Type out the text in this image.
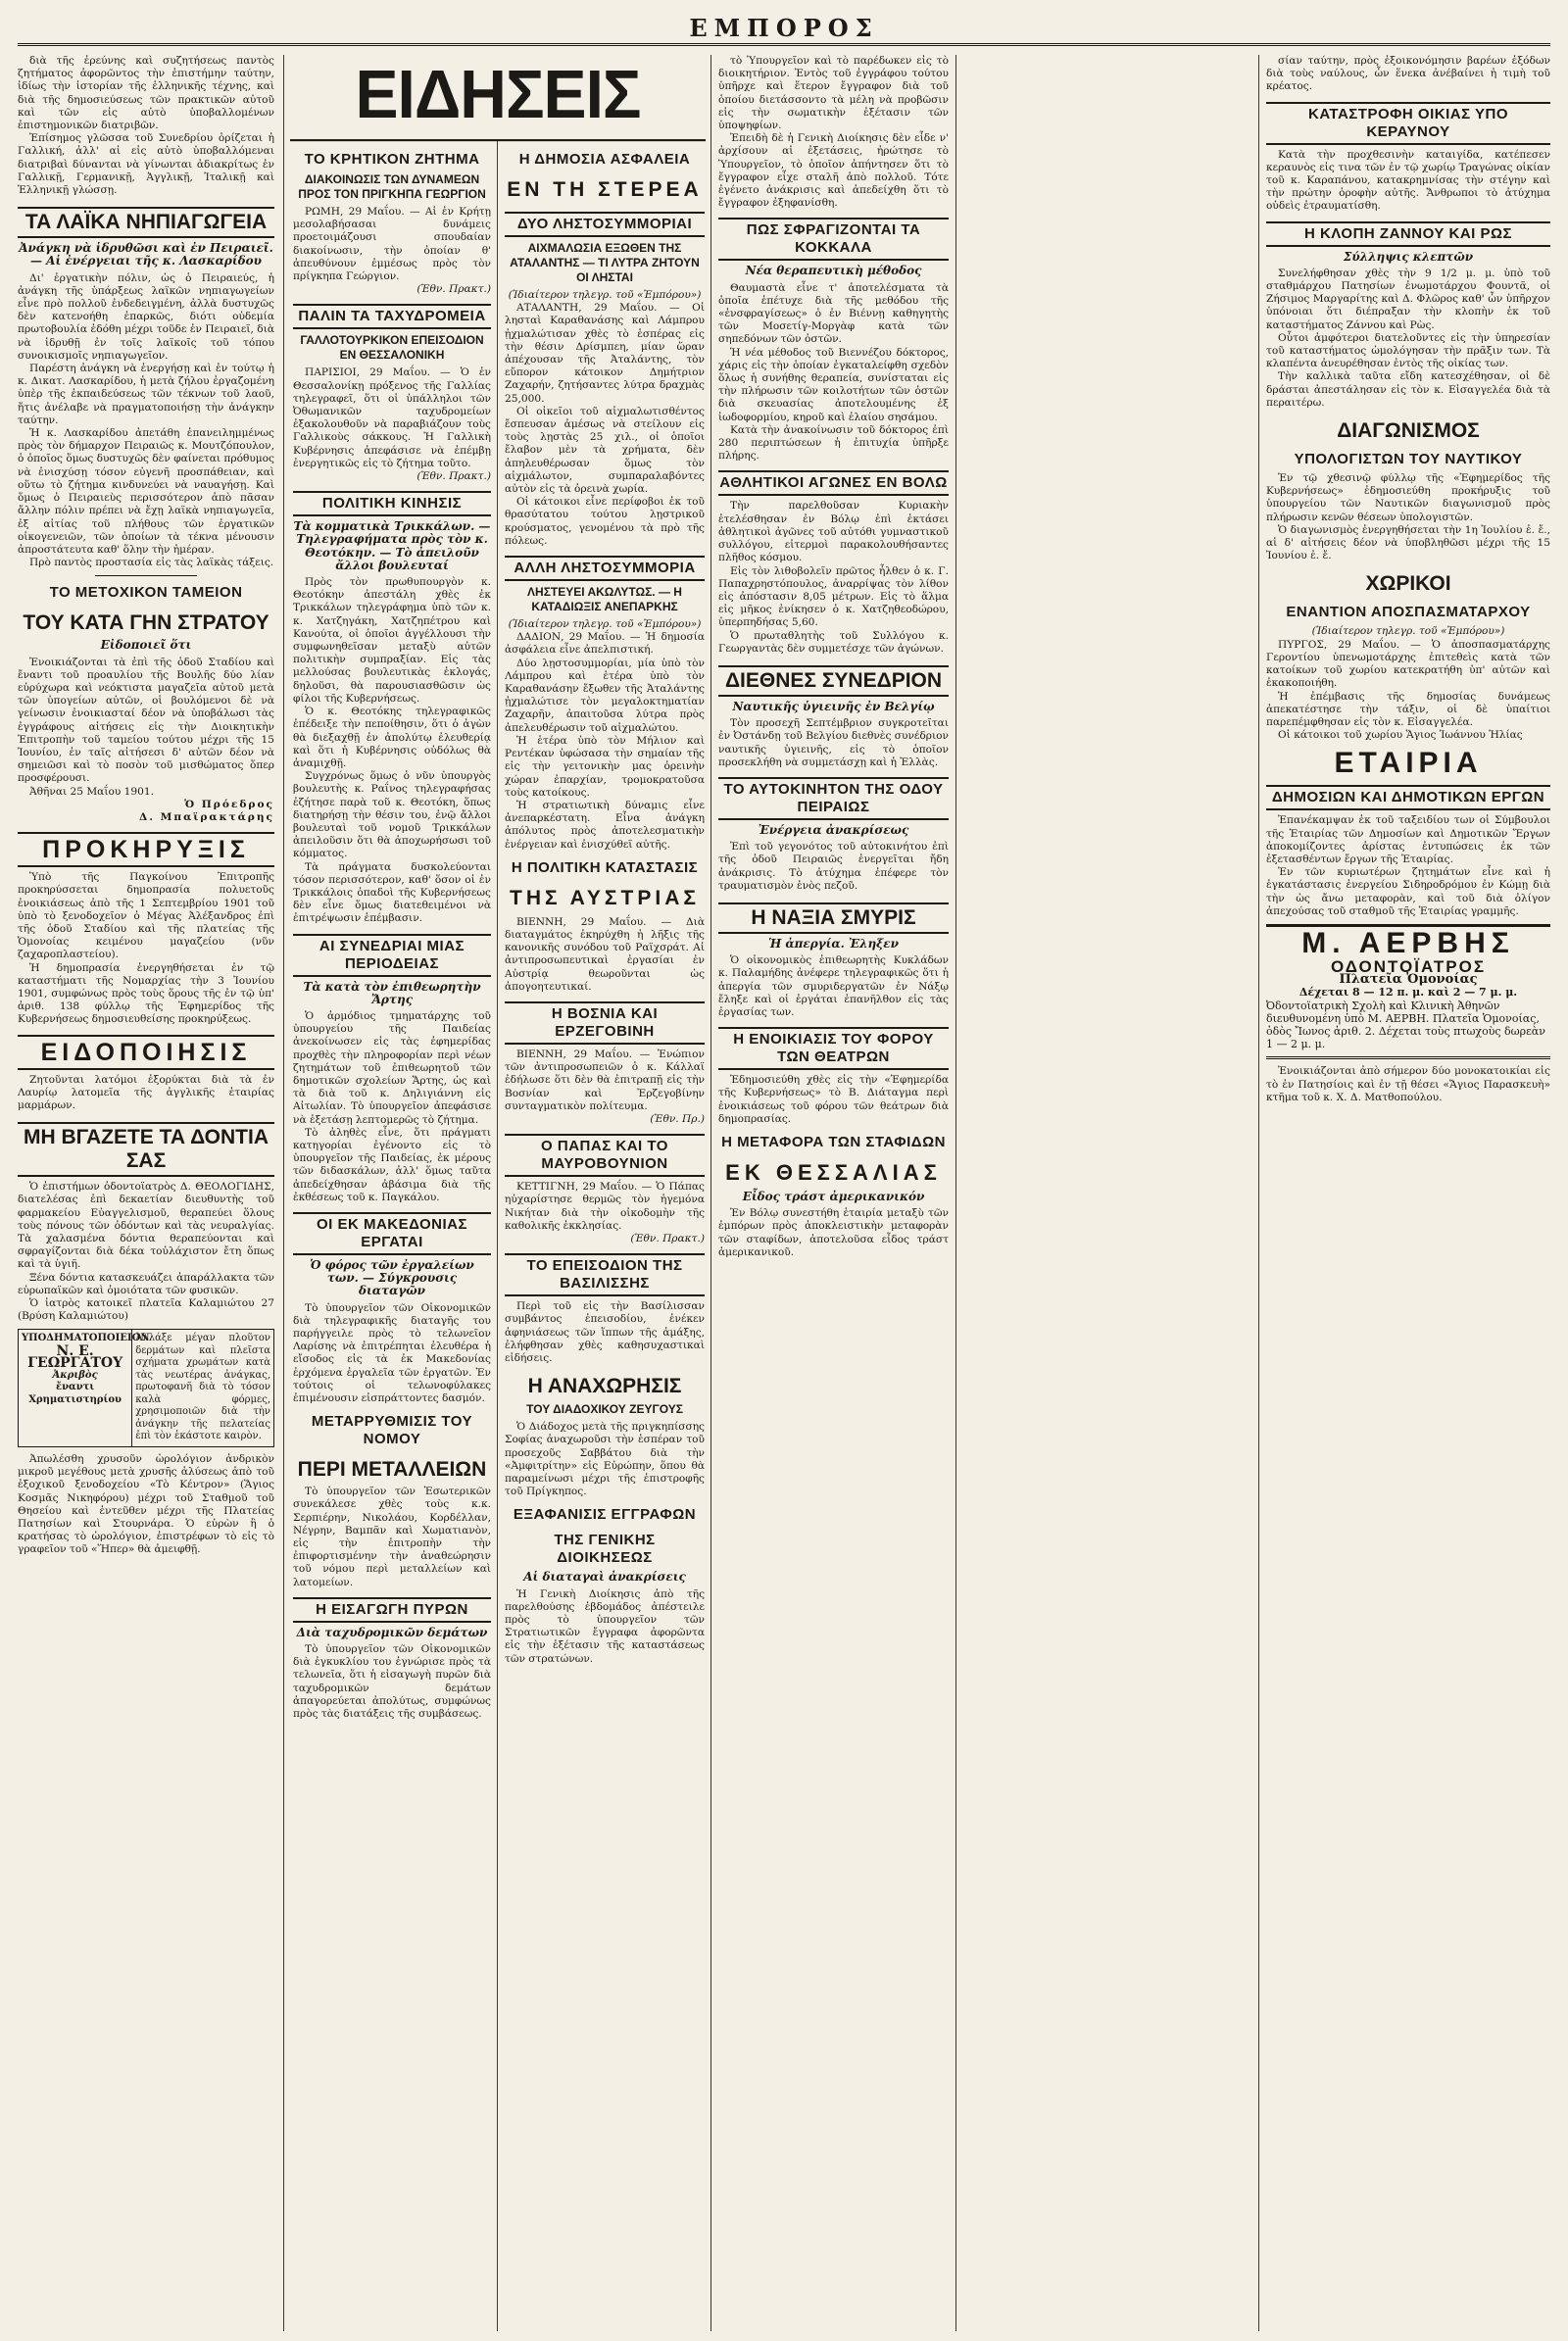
ΕΜΠΟΡΟΣ
ΕΙΔΗΣΕΙΣ

διὰ τῆς ἐρεύνης καὶ συζητήσεως παντὸς ζητήματος ἀφορῶντος τὴν ἐπιστήμην ταύτην, ἰδίως τὴν ἱστορίαν τῆς ἑλληνικῆς τέχνης, καὶ διὰ τῆς δημοσιεύσεως τῶν πρακτικῶν αὐτοῦ καὶ τῶν εἰς αὐτὸ ὑποβαλλομένων ἐπιστημονικῶν διατριβῶν.

Ἐπίσημος γλῶσσα τοῦ Συνεδρίου ὁρίζεται ἡ Γαλλική, ἀλλ' αἱ εἰς αὐτὸ ὑποβαλλόμεναι διατριβαὶ δύνανται νὰ γίνωνται ἀδιακρίτως ἐν Γαλλικῇ, Γερμανικῇ, Ἀγγλικῇ, Ἰταλικῇ καὶ Ἑλληνικῇ γλώσσῃ.

ΤΑ ΛΑΪΚΑ ΝΗΠΙΑΓΩΓΕΙΑ
Ἀνάγκη νὰ ἱδρυθῶσι καὶ ἐν Πειραιεῖ. — Αἱ ἐνέργειαι τῆς κ. Λασκαρίδου

Δι' ἐργατικὴν πόλιν, ὡς ὁ Πειραιεύς, ἡ ἀνάγκη τῆς ὑπάρξεως λαϊκῶν νηπιαγωγείων εἶνε πρὸ πολλοῦ ἐνδεδειγμένη, ἀλλὰ δυστυχῶς δὲν κατενοήθη ἐπαρκῶς, διότι οὐδεμία πρωτοβουλία ἐδόθη μέχρι τοῦδε ἐν Πειραιεῖ, διὰ νὰ ἱδρυθῇ ἐν τοῖς λαϊκοῖς τοῦ τόπου συνοικισμοῖς νηπιαγωγεῖον.

Παρέστη ἀνάγκη νὰ ἐνεργήσῃ καὶ ἐν τούτῳ ἡ κ. Δικατ. Λασκαρίδου, ἡ μετὰ ζήλου ἐργαζομένη ὑπὲρ τῆς ἐκπαιδεύσεως τῶν τέκνων τοῦ λαοῦ, ἥτις ἀνέλαβε νὰ πραγματοποιήσῃ τὴν ἀνάγκην ταύτην.

Ἡ κ. Λασκαρίδου ἀπετάθη ἐπανειλημμένως πρὸς τὸν δήμαρχον Πειραιῶς κ. Μουτζόπουλον, ὁ ὁποῖος ὅμως δυστυχῶς δὲν φαίνεται πρόθυμος νὰ ἐνισχύσῃ τόσον εὐγενῆ προσπάθειαν, καὶ οὕτω τὸ ζήτημα κινδυνεύει νὰ ναυαγήσῃ. Καὶ ὅμως ὁ Πειραιεὺς περισσότερον ἀπὸ πᾶσαν ἄλλην πόλιν πρέπει νὰ ἔχῃ λαϊκὰ νηπιαγωγεῖα, ἐξ αἰτίας τοῦ πλήθους τῶν ἐργατικῶν οἰκογενειῶν, τῶν ὁποίων τὰ τέκνα μένουσιν ἀπροστάτευτα καθ' ὅλην τὴν ἡμέραν.

Πρὸ παντὸς προστασία εἰς τὰς λαϊκὰς τάξεις.

ΤΟ ΜΕΤΟΧΙΚΟΝ ΤΑΜΕΙΟΝ
ΤΟΥ ΚΑΤΑ ΓΗΝ ΣΤΡΑΤΟΥ
Εἰδοποιεῖ ὅτι

Ἐνοικιάζονται τὰ ἐπὶ τῆς ὁδοῦ Σταδίου καὶ ἔναντι τοῦ προαυλίου τῆς Βουλῆς δύο λίαν εὐρύχωρα καὶ νεόκτιστα μαγαζεῖα αὐτοῦ μετὰ τῶν ὑπογείων αὐτῶν, οἱ βουλόμενοι δὲ νὰ γείνωσιν ἐνοικιασταί δέον νὰ ὑποβάλωσι τὰς ἐγγράφους αἰτήσεις εἰς τὴν Διοικητικὴν Ἐπιτροπὴν τοῦ ταμείου τούτου μέχρι τῆς 15 Ἰουνίου, ἐν ταῖς αἰτήσεσι δ' αὐτῶν δέον νὰ σημειῶσι καὶ τὸ ποσὸν τοῦ μισθώματος ὅπερ προσφέρουσι.

Ἀθῆναι 25 Μαΐου 1901.

Ὁ Πρόεδρος
Δ. Μπαϊρακτάρης
ΠΡΟΚΗΡΥΞΙΣ

Ὑπὸ τῆς Παγκοίνου Ἐπιτροπῆς προκηρύσσεται δημοπρασία πολυετοῦς ἐνοικιάσεως ἀπὸ τῆς 1 Σεπτεμβρίου 1901 τοῦ ὑπὸ τὸ ξενοδοχεῖον ὁ Μέγας Ἀλέξανδρος ἐπὶ τῆς ὁδοῦ Σταδίου καὶ τῆς πλατείας τῆς Ὁμονοίας κειμένου μαγαζείου (νῦν ζαχαροπλαστείου).

Ἡ δημοπρασία ἐνεργηθήσεται ἐν τῷ καταστήματι τῆς Νομαρχίας τὴν 3 Ἰουνίου 1901, συμφώνως πρὸς τοὺς ὅρους τῆς ἐν τῷ ὑπ' ἀριθ. 138 φύλλῳ τῆς Ἐφημερίδος τῆς Κυβερνήσεως δημοσιευθείσης προκηρύξεως.

ΕΙΔΟΠΟΙΗΣΙΣ

Ζητοῦνται λατόμοι ἐξορύκται διὰ τὰ ἐν Λαυρίῳ λατομεῖα τῆς ἀγγλικῆς ἑταιρίας μαρμάρων.

ΜΗ ΒΓΑΖΕΤΕ ΤΑ ΔΟΝΤΙΑ ΣΑΣ

Ὁ ἐπιστήμων ὀδοντοϊατρὸς Δ. ΘΕΟΛΟΓΙΔΗΣ, διατελέσας ἐπὶ δεκαετίαν διευθυντὴς τοῦ φαρμακείου Εὐαγγελισμοῦ, θεραπεύει ὅλους τοὺς πόνους τῶν ὀδόντων καὶ τὰς νευραλγίας. Τὰ χαλασμένα δόντια θεραπεύονται καὶ σφραγίζονται διὰ δέκα τοὐλάχιστον ἔτη ὅπως καὶ τὰ ὑγιῆ.

Ξένα δόντια κατασκευάζει ἀπαράλλακτα τῶν εὐρωπαϊκῶν καὶ ὁμοιότατα τῶν φυσικῶν.

Ὁ ἰατρὸς κατοικεῖ πλατεῖα Καλαμιώτου 27 (Βρύση Καλαμιώτου)

ΥΠΟΔΗΜΑΤΟΠΟΙΕΙΟΝ
Ν. Ε. ΓΕΩΡΓΑΤΟΥ
Ἀκριβὸς
ἔναντι Χρηματιστηρίου
Ἀλλάξε μέγαν πλοῦτον δερμάτων καὶ πλεῖστα σχήματα χρωμάτων κατὰ τὰς νεωτέρας ἀνάγκας, πρωτοφανῆ διὰ τὸ τόσον καλὰ φόρμες, χρησιμοποιῶν διὰ τὴν ἀνάγκην τῆς πελατείας ἐπὶ τὸν ἑκάστοτε καιρὸν.

Ἀπωλέσθη χρυσοῦν ὡρολόγιον ἀνδρικὸν μικροῦ μεγέθους μετὰ χρυσῆς ἁλύσεως ἀπὸ τοῦ ἐξοχικοῦ ξενοδοχείου «Τὸ Κέντρον» (Ἅγιος Κοσμᾶς Νικηφόρου) μέχρι τοῦ Σταθμοῦ τοῦ Θησείου καὶ ἐντεῦθεν μέχρι τῆς Πλατείας Πατησίων καὶ Στουρνάρα. Ὁ εὑρὼν ἢ ὁ κρατήσας τὸ ὡρολόγιον, ἐπιστρέφων τὸ εἰς τὸ γραφεῖον τοῦ «Ἥπερ» θὰ ἀμειφθῇ.

ΤΟ ΚΡΗΤΙΚΟΝ ΖΗΤΗΜΑ
ΔΙΑΚΟΙΝΩΣΙΣ ΤΩΝ ΔΥΝΑΜΕΩΝ ΠΡΟΣ ΤΟΝ ΠΡΙΓΚΗΠΑ ΓΕΩΡΓΙΟΝ

ΡΩΜΗ, 29 Μαΐου. — Αἱ ἐν Κρήτῃ μεσολαβήσασαι δυνάμεις προετοιμάζουσι σπουδαίαν διακοίνωσιν, τὴν ὁποίαν θ' ἀπευθύνουν ἐμμέσως πρὸς τὸν πρίγκηπα Γεώργιον.

(Ἐθν. Πρακτ.)
ΠΑΛΙΝ ΤΑ ΤΑΧΥΔΡΟΜΕΙΑ
ΓΑΛΛΟΤΟΥΡΚΙΚΟΝ ΕΠΕΙΣΟΔΙΟΝ ΕΝ ΘΕΣΣΑΛΟΝΙΚΗ

ΠΑΡΙΣΙΟΙ, 29 Μαΐου. — Ὁ ἐν Θεσσαλονίκῃ πρόξενος τῆς Γαλλίας τηλεγραφεῖ, ὅτι οἱ ὑπάλληλοι τῶν Ὀθωμανικῶν ταχυδρομείων ἐξακολουθοῦν νὰ παραβιάζουν τοὺς Γαλλικοὺς σάκκους. Ἡ Γαλλικὴ Κυβέρνησις ἀπεφάσισε νὰ ἐπέμβῃ ἐνεργητικῶς εἰς τὸ ζήτημα τοῦτο.

(Ἐθν. Πρακτ.)
ΠΟΛΙΤΙΚΗ ΚΙΝΗΣΙΣ
Τὰ κομματικὰ Τρικκάλων. — Τηλεγραφήματα πρὸς τὸν κ. Θεοτόκην. — Τὸ ἀπειλοῦν ἄλλοι βουλευταί

Πρὸς τὸν πρωθυπουργὸν κ. Θεοτόκην ἀπεστάλη χθὲς ἐκ Τρικκάλων τηλεγράφημα ὑπὸ τῶν κ. κ. Χατζηγάκη, Χατζηπέτρου καὶ Κανούτα, οἱ ὁποῖοι ἀγγέλλουσι τὴν συμφωνηθεῖσαν μεταξὺ αὐτῶν πολιτικὴν συμπραξίαν. Εἰς τὰς μελλούσας βουλευτικὰς ἐκλογάς, δηλοῦσι, θὰ παρουσιασθῶσιν ὡς φίλοι τῆς Κυβερνήσεως.

Ὁ κ. Θεοτόκης τηλεγραφικῶς ἐπέδειξε τὴν πεποίθησιν, ὅτι ὁ ἀγὼν θὰ διεξαχθῇ ἐν ἀπολύτῳ ἐλευθερίᾳ καὶ ὅτι ἡ Κυβέρνησις οὐδόλως θὰ ἀναμιχθῇ.

Συγχρόνως ὅμως ὁ νῦν ὑπουργὸς βουλευτὴς κ. Ραΐνος τηλεγραφήσας ἐζήτησε παρὰ τοῦ κ. Θεοτόκη, ὅπως διατηρήσῃ τὴν θέσιν του, ἐνῷ ἄλλοι βουλευταὶ τοῦ νομοῦ Τρικκάλων ἀπειλοῦσιν ὅτι θὰ ἀποχωρήσωσι τοῦ κόμματος.

Τὰ πράγματα δυσκολεύονται τόσον περισσότερον, καθ' ὅσον οἱ ἐν Τρικκάλοις ὀπαδοὶ τῆς Κυβερνήσεως δὲν εἶνε ὅμως διατεθειμένοι νὰ ἐπιτρέψωσιν ἐπέμβασιν.

ΑΙ ΣΥΝΕΔΡΙΑΙ ΜΙΑΣ ΠΕΡΙΟΔΕΙΑΣ
Τὰ κατὰ τὸν ἐπιθεωρητὴν Ἄρτης

Ὁ ἁρμόδιος τμηματάρχης τοῦ ὑπουργείου τῆς Παιδείας ἀνεκοίνωσεν εἰς τὰς ἐφημερίδας προχθὲς τὴν πληροφορίαν περὶ νέων ζητημάτων τοῦ ἐπιθεωρητοῦ τῶν δημοτικῶν σχολείων Ἄρτης, ὡς καὶ τὰ διὰ τοῦ κ. Δηλιγιάννη εἰς Αἰτωλίαν. Τὸ ὑπουργεῖον ἀπεφάσισε νὰ ἐξετάσῃ λεπτομερῶς τὸ ζήτημα.

Τὸ ἀληθὲς εἶνε, ὅτι πράγματι κατηγορίαι ἐγένοντο εἰς τὸ ὑπουργεῖον τῆς Παιδείας, ἐκ μέρους τῶν διδασκάλων, ἀλλ' ὅμως ταῦτα ἀπεδείχθησαν ἀβάσιμα διὰ τῆς ἐκθέσεως τοῦ κ. Παγκάλου.

ΟΙ ΕΚ ΜΑΚΕΔΟΝΙΑΣ ΕΡΓΑΤΑΙ
Ὁ φόρος τῶν ἐργαλείων των. — Σύγκρουσις διαταγῶν

Τὸ ὑπουργεῖον τῶν Οἰκονομικῶν διὰ τηλεγραφικῆς διαταγῆς του παρήγγειλε πρὸς τὸ τελωνεῖον Λαρίσης νὰ ἐπιτρέπηται ἐλευθέρα ἡ εἴσοδος εἰς τὰ ἐκ Μακεδονίας ἐρχόμενα ἐργαλεῖα τῶν ἐργατῶν. Ἐν τούτοις οἱ τελωνοφύλακες ἐπιμένουσιν εἰσπράττοντες δασμόν.

ΜΕΤΑΡΡΥΘΜΙΣΙΣ ΤΟΥ ΝΟΜΟΥ
ΠΕΡΙ ΜΕΤΑΛΛΕΙΩΝ

Τὸ ὑπουργεῖον τῶν Ἐσωτερικῶν συνεκάλεσε χθὲς τοὺς κ.κ. Σερπιέρην, Νικολάου, Κορδέλλαν, Νέγρην, Βαμπᾶν καὶ Χωματιανὸν, εἰς τὴν ἐπιτροπὴν τὴν ἐπιφορτισμένην τὴν ἀναθεώρησιν τοῦ νόμου περὶ μεταλλείων καὶ λατομείων.

Η ΕΙΣΑΓΩΓΗ ΠΥΡΩΝ
Διὰ ταχυδρομικῶν δεμάτων

Τὸ ὑπουργεῖον τῶν Οἰκονομικῶν διὰ ἐγκυκλίου του ἐγνώρισε πρὸς τὰ τελωνεῖα, ὅτι ἡ εἰσαγωγὴ πυρῶν διὰ ταχυδρομικῶν δεμάτων ἀπαγορεύεται ἀπολύτως, συμφώνως πρὸς τὰς διατάξεις τῆς συμβάσεως.

Η ΔΗΜΟΣΙΑ ΑΣΦΑΛΕΙΑ
ΕΝ ΤΗ ΣΤΕΡΕΑ
ΔΥΟ ΛΗΣΤΟΣΥΜΜΟΡΙΑΙ
ΑΙΧΜΑΛΩΣΙΑ ΕΞΩΘΕΝ ΤΗΣ ΑΤΑΛΑΝΤΗΣ — ΤΙ ΛΥΤΡΑ ΖΗΤΟΥΝ ΟΙ ΛΗΣΤΑΙ
(Ἰδιαίτερον τηλεγρ. τοῦ «Ἐμπόρου»)

ΑΤΑΛΑΝΤΗ, 29 Μαΐου. — Οἱ λησταὶ Καραθανάσης καὶ Λάμπρου ᾐχμαλώτισαν χθὲς τὸ ἑσπέρας εἰς τὴν θέσιν Δρίσμπεη, μίαν ὥραν ἀπέχουσαν τῆς Ἀταλάντης, τὸν εὔπορον κάτοικον Δημήτριον Ζαχαρήν, ζητήσαντες λύτρα δραχμὰς 25,000.

Οἱ οἰκεῖοι τοῦ αἰχμαλωτισθέντος ἔσπευσαν ἀμέσως νὰ στείλουν εἰς τοὺς λῃστὰς 25 χιλ., οἱ ὁποῖοι ἔλαβον μὲν τὰ χρήματα, δὲν ἀπηλευθέρωσαν ὅμως τὸν αἰχμάλωτον, συμπαραλαβόντες αὐτὸν εἰς τὰ ὀρεινὰ χωρία.

Οἱ κάτοικοι εἶνε περίφοβοι ἐκ τοῦ θρασύτατου τούτου λῃστρικοῦ κρούσματος, γενομένου τὰ πρὸ τῆς πόλεως.

ΑΛΛΗ ΛΗΣΤΟΣΥΜΜΟΡΙΑ
ΛΗΣΤΕΥΕΙ ΑΚΩΛΥΤΩΣ. — Η ΚΑΤΑΔΙΩΞΙΣ ΑΝΕΠΑΡΚΗΣ
(Ἰδιαίτερον τηλεγρ. τοῦ «Ἐμπόρου»)

ΔΑΔΙΟΝ, 29 Μαΐου. — Ἡ δημοσία ἀσφάλεια εἶνε ἀπελπιστική.

Δύο λῃστοσυμμορίαι, μία ὑπὸ τὸν Λάμπρου καὶ ἑτέρα ὑπὸ τὸν Καραθανάσην ἔξωθεν τῆς Ἀταλάντης ᾐχμαλώτισε τὸν μεγαλοκτηματίαν Ζαχαρῆν, ἀπαιτοῦσα λύτρα πρὸς ἀπελευθέρωσιν τοῦ αἰχμαλώτου.

Ἡ ἑτέρα ὑπὸ τὸν Μήλιον καὶ Ρεντέκαν ὑφώσασα τὴν σημαίαν τῆς εἰς τὴν γειτονικὴν μας ὀρεινὴν χώραν ἐπαρχίαν, τρομοκρατοῦσα τοὺς κατοίκους.

Ἡ στρατιωτικὴ δύναμις εἶνε ἀνεπαρκέστατη. Εἶνα ἀνάγκη ἀπόλυτος πρὸς ἀποτελεσματικὴν ἐνέργειαν καὶ ἐνισχύθεῖ αὐτῆς.

Η ΠΟΛΙΤΙΚΗ ΚΑΤΑΣΤΑΣΙΣ
ΤΗΣ ΑΥΣΤΡΙΑΣ

ΒΙΕΝΝΗ, 29 Μαΐου. — Διὰ διαταγμάτος ἐκηρύχθη ἡ λῆξις τῆς κανονικῆς συνόδου τοῦ Ραϊχσράτ. Αἱ ἀντιπροσωπευτικαὶ ἐργασίαι ἐν Αὐστρίᾳ θεωροῦνται ὡς ἀπογοητευτικαί.

Η ΒΟΣΝΙΑ ΚΑΙ ΕΡΖΕΓΟΒΙΝΗ

ΒΙΕΝΝΗ, 29 Μαΐου. — Ἐνώπιον τῶν ἀντιπροσωπειῶν ὁ κ. Κάλλαϊ ἐδήλωσε ὅτι δὲν θὰ ἐπιτραπῇ εἰς τὴν Βοσνίαν καὶ Ἐρζεγοβίνην συνταγματικὸν πολίτευμα.

(Ἐθν. Πρ.)
Ο ΠΑΠΑΣ ΚΑΙ ΤΟ ΜΑΥΡΟΒΟΥΝΙΟΝ

ΚΕΤΤΙΓΝΗ, 29 Μαΐου. — Ὁ Πάπας ηὐχαρίστησε θερμῶς τὸν ἡγεμόνα Νικήταν διὰ τὴν οἰκοδομὴν τῆς καθολικῆς ἐκκλησίας.

(Ἐθν. Πρακτ.)
ΤΟ ΕΠΕΙΣΟΔΙΟΝ ΤΗΣ ΒΑΣΙΛΙΣΣΗΣ

Περὶ τοῦ εἰς τὴν Βασίλισσαν συμβάντος ἐπεισοδίου, ἐνέκεν ἀφηνιάσεως τῶν ἵππων τῆς ἁμάξης, ἐλήφθησαν χθὲς καθησυχαστικαὶ εἰδήσεις.

Η ΑΝΑΧΩΡΗΣΙΣ
ΤΟΥ ΔΙΑΔΟΧΙΚΟΥ ΖΕΥΓΟΥΣ

Ὁ Διάδοχος μετὰ τῆς πριγκηπίσσης Σοφίας ἀναχωροῦσι τὴν ἑσπέραν τοῦ προσεχοῦς Σαββάτου διὰ τὴν «Ἀμφιτρίτην» εἰς Εὐρώπην, ὅπου θὰ παραμείνωσι μέχρι τῆς ἐπιστροφῆς τοῦ Πρίγκηπος.

ΕΞΑΦΑΝΙΣΙΣ ΕΓΓΡΑΦΩΝ
ΤΗΣ ΓΕΝΙΚΗΣ ΔΙΟΙΚΗΣΕΩΣ
Αἱ διαταγαὶ ἀνακρίσεις

Ἡ Γενικὴ Διοίκησις ἀπὸ τῆς παρελθούσης ἑβδομάδος ἀπέστειλε πρὸς τὸ ὑπουργεῖον τῶν Στρατιωτικῶν ἔγγραφα ἀφορῶντα εἰς τὴν ἐξέτασιν τῆς καταστάσεως τῶν στρατώνων.

τὸ Ὑπουργεῖον καὶ τὸ παρέδωκεν εἰς τὸ διοικητήριον. Ἐντὸς τοῦ ἐγγράφου τούτου ὑπῆρχε καὶ ἕτερον ἔγγραφον διὰ τοῦ ὁποίου διετάσσοντο τὰ μέλη νὰ προβῶσιν εἰς τὴν σωματικὴν ἐξέτασιν τῶν ὑποψηφίων.

Ἐπειδὴ δὲ ἡ Γενικὴ Διοίκησις δὲν εἶδε ν' ἀρχίσουν αἱ ἐξετάσεις, ἠρώτησε τὸ Ὑπουργεῖον, τὸ ὁποῖον ἀπήντησεν ὅτι τὸ ἔγγραφον εἶχε σταλῆ ἀπὸ πολλοῦ. Τότε ἐγένετο ἀνάκρισις καὶ ἀπεδείχθη ὅτι τὸ ἔγγραφον ἐξηφανίσθη.

ΠΩΣ ΣΦΡΑΓΙΖΟΝΤΑΙ ΤΑ ΚΟΚΚΑΛΑ
Νέα θεραπευτικὴ μέθοδος

Θαυμαστὰ εἶνε τ' ἀποτελέσματα τὰ ὁποῖα ἐπέτυχε διὰ τῆς μεθόδου τῆς «ἐνσφραγίσεως» ὁ ἐν Βιέννῃ καθηγητὴς τῶν Μοσετίγ-Μοργὰφ κατὰ τῶν σηπεδόνων τῶν ὀστῶν.

Ἡ νέα μέθοδος τοῦ Βιεννέζου δόκτορος, χάρις εἰς τὴν ὁποίαν ἐγκαταλείφθη σχεδὸν ὅλως ἡ συνήθης θεραπεία, συνίσταται εἰς τὴν πλήρωσιν τῶν κοιλοτήτων τῶν ὀστῶν διὰ σκευασίας ἀποτελουμένης ἐξ ἰωδοφορμίου, κηροῦ καὶ ἐλαίου σησάμου.

Κατὰ τὴν ἀνακοίνωσιν τοῦ δόκτορος ἐπὶ 280 περιπτώσεων ἡ ἐπιτυχία ὑπῆρξε πλήρης.

ΑΘΛΗΤΙΚΟΙ ΑΓΩΝΕΣ ΕΝ ΒΟΛΩ

Τὴν παρελθοῦσαν Κυριακὴν ἐτελέσθησαν ἐν Βόλῳ ἐπὶ ἐκτάσει ἀθλητικοὶ ἀγῶνες τοῦ αὐτόθι γυμναστικοῦ συλλόγου, εἰτερμοὶ παρακολουθήσαντες πλῆθος κόσμου.

Εἰς τὸν λιθοβολεῖν πρῶτος ἦλθεν ὁ κ. Γ. Παπαχρηστόπουλος, ἀναρρίψας τὸν λίθον εἰς ἀπόστασιν 8,05 μέτρων. Εἰς τὸ ἅλμα εἰς μῆκος ἐνίκησεν ὁ κ. Χατζηθεοδώρου, ὑπερπηδήσας 5,60.

Ὁ πρωταθλητὴς τοῦ Συλλόγου κ. Γεωργαντὰς δὲν συμμετέσχε τῶν ἀγώνων.

ΔΙΕΘΝΕΣ ΣΥΝΕΔΡΙΟΝ
Ναυτικῆς ὑγιεινῆς ἐν Βελγίῳ

Τὸν προσεχῆ Σεπτέμβριον συγκροτεῖται ἐν Ὀστάνδῃ τοῦ Βελγίου διεθνὲς συνέδριον ναυτικῆς ὑγιεινῆς, εἰς τὸ ὁποῖον προσεκλήθη νὰ συμμετάσχῃ καὶ ἡ Ἑλλὰς.

ΤΟ ΑΥΤΟΚΙΝΗΤΟΝ ΤΗΣ ΟΔΟΥ ΠΕΙΡΑΙΩΣ
Ἐνέργεια ἀνακρίσεως

Ἐπὶ τοῦ γεγονότος τοῦ αὐτοκινήτου ἐπὶ τῆς ὁδοῦ Πειραιῶς ἐνεργεῖται ἤδη ἀνάκρισις. Τὸ ἀτύχημα ἐπέφερε τὸν τραυματισμὸν ἑνὸς πεζοῦ.

Η ΝΑΞΙΑ ΣΜΥΡΙΣ
Ἡ ἀπεργία. Ἐληξεν

Ὁ οἰκονομικὸς ἐπιθεωρητὴς Κυκλάδων κ. Παλαμήδης ἀνέφερε τηλεγραφικῶς ὅτι ἡ ἀπεργία τῶν σμυριδεργατῶν ἐν Νάξῳ ἔληξε καὶ οἱ ἐργάται ἐπανῆλθον εἰς τὰς ἐργασίας των.

Η ΕΝΟΙΚΙΑΣΙΣ ΤΟΥ ΦΟΡΟΥ ΤΩΝ ΘΕΑΤΡΩΝ

Ἐδημοσιεύθη χθὲς εἰς τὴν «Ἐφημερίδα τῆς Κυβερνήσεως» τὸ Β. Διάταγμα περὶ ἐνοικιάσεως τοῦ φόρου τῶν θεάτρων διὰ δημοπρασίας.

Η ΜΕΤΑΦΟΡΑ ΤΩΝ ΣΤΑΦΙΔΩΝ
ΕΚ ΘΕΣΣΑΛΙΑΣ
Εἶδος τράστ ἀμερικανικόν

Ἐν Βόλῳ συνεστήθη ἑταιρία μεταξὺ τῶν ἐμπόρων πρὸς ἀποκλειστικὴν μεταφορὰν τῶν σταφίδων, ἀποτελοῦσα εἶδος τράστ ἀμερικανικοῦ.

σίαν ταύτην, πρὸς ἐξοικονόμησιν βαρέων ἐξόδων διὰ τοὺς ναύλους, ὧν ἕνεκα ἀνέβαίνει ἡ τιμὴ τοῦ κρέατος.

ΚΑΤΑΣΤΡΟΦΗ ΟΙΚΙΑΣ ΥΠΟ ΚΕΡΑΥΝΟΥ

Κατὰ τὴν προχθεσινὴν καταιγίδα, κατέπεσεν κεραυνὸς εἰς τινα τῶν ἐν τῷ χωρίῳ Τραγώνας οἰκίαν τοῦ κ. Καραπάνου, κατακρημνίσας τὴν στέγην καὶ τὴν πρώτην ὀροφὴν αὐτῆς. Ἄνθρωποι τὸ ἀτύχημα οὐδεὶς ἐτραυματίσθη.

Η ΚΛΟΠΗ ΖΑΝΝΟΥ ΚΑΙ ΡΩΣ
Σύλληψις κλεπτῶν

Συνελήφθησαν χθὲς τὴν 9 1/2 μ. μ. ὑπὸ τοῦ σταθμάρχου Πατησίων ἐνωμοτάρχου Φουντᾶ, οἱ Ζήσιμος Μαργαρίτης καὶ Δ. Φλῶρος καθ' ὧν ὑπῆρχον ὑπόνοιαι ὅτι διέπραξαν τὴν κλοπὴν ἐκ τοῦ καταστήματος Ζάννου καὶ Ρὼς.

Οὗτοι ἀμφότεροι διατελοῦντες εἰς τὴν ὑπηρεσίαν τοῦ καταστήματος ὡμολόγησαν τὴν πρᾶξιν των. Τὰ κλαπέντα ἀνευρέθησαν ἐντὸς τῆς οἰκίας των.

Τὴν καλλικὰ ταῦτα εἴδη κατεσχέθησαν, οἱ δὲ δράσται ἀπεστάλησαν εἰς τὸν κ. Εἰσαγγελέα διὰ τὰ περαιτέρω.

ΔΙΑΓΩΝΙΣΜΟΣ
ΥΠΟΛΟΓΙΣΤΩΝ ΤΟΥ ΝΑΥΤΙΚΟΥ

Ἐν τῷ χθεσινῷ φύλλῳ τῆς «Ἐφημερίδος τῆς Κυβερνήσεως» ἐδημοσιεύθη προκήρυξις τοῦ ὑπουργείου τῶν Ναυτικῶν διαγωνισμοῦ πρὸς πλήρωσιν κενῶν θέσεων ὑπολογιστῶν.

Ὁ διαγωνισμὸς ἐνεργηθήσεται τὴν 1η Ἰουλίου ἐ. ἔ., αἱ δ' αἰτήσεις δέον νὰ ὑποβληθῶσι μέχρι τῆς 15 Ἰουνίου ἐ. ἔ.

ΧΩΡΙΚΟΙ
ΕΝΑΝΤΙΟΝ ΑΠΟΣΠΑΣΜΑΤΑΡΧΟΥ
(Ἰδιαίτερον τηλεγρ. τοῦ «Ἐμπόρου»)

ΠΥΡΓΟΣ, 29 Μαΐου. — Ὁ ἀποσπασματάρχης Γεροντίου ὑπενωμοτάρχης ἐπιτεθεὶς κατὰ τῶν κατοίκων τοῦ χωρίου κατεκρατήθη ὑπ' αὐτῶν καὶ ἐκακοποιήθη.

Ἡ ἐπέμβασις τῆς δημοσίας δυνάμεως ἀπεκατέστησε τὴν τάξιν, οἱ δὲ ὑπαίτιοι παρεπέμφθησαν εἰς τὸν κ. Εἰσαγγελέα.

Οἱ κάτοικοι τοῦ χωρίου Ἅγιος Ἰωάννου Ἠλίας

ΕΤΑΙΡΙΑ
ΔΗΜΟΣΙΩΝ ΚΑΙ ΔΗΜΟΤΙΚΩΝ ΕΡΓΩΝ

Ἐπανέκαμψαν ἐκ τοῦ ταξειδίου των οἱ Σύμβουλοι τῆς Ἑταιρίας τῶν Δημοσίων καὶ Δημοτικῶν Ἔργων ἀποκομίζοντες ἀρίστας ἐντυπώσεις ἐκ τῶν ἐξετασθέντων ἔργων τῆς Ἑταιρίας.

Ἐν τῶν κυριωτέρων ζητημάτων εἶνε καὶ ἡ ἐγκατάστασις ἐνεργείου Σιδηροδρόμου ἐν Κώμῃ διὰ τὴν ὡς ἄνω μεταφορὰν, καὶ τοῦ διὰ ὀλίγον ἀπεχούσας τοῦ σταθμοῦ τῆς Ἑταιρίας γραμμῆς.

Μ. ΑΕΡΒΗΣ
ΟΔΟΝΤΟΪΑΤΡΟΣ
Πλατεῖα Ὁμονοίας
Δέχεται 8 — 12 π. μ. καὶ 2 — 7 μ. μ.
Ὀδοντοϊατρικὴ Σχολὴ καὶ Κλινικὴ Ἀθηνῶν διευθυνομένη ὑπὸ Μ. ΑΕΡΒΗ. Πλατεῖα Ὁμονοίας, ὁδὸς Ἴωνος ἀριθ. 2. Δέχεται τοὺς πτωχοὺς δωρεὰν 1 — 2 μ. μ.

Ἐνοικιάζονται ἀπὸ σήμερον δύο μονοκατοικίαι εἰς τὸ ἐν Πατησίοις καὶ ἐν τῇ θέσει «Ἄγιος Παρασκευὴ» κτῆμα τοῦ κ. Χ. Δ. Ματθοπούλου.
